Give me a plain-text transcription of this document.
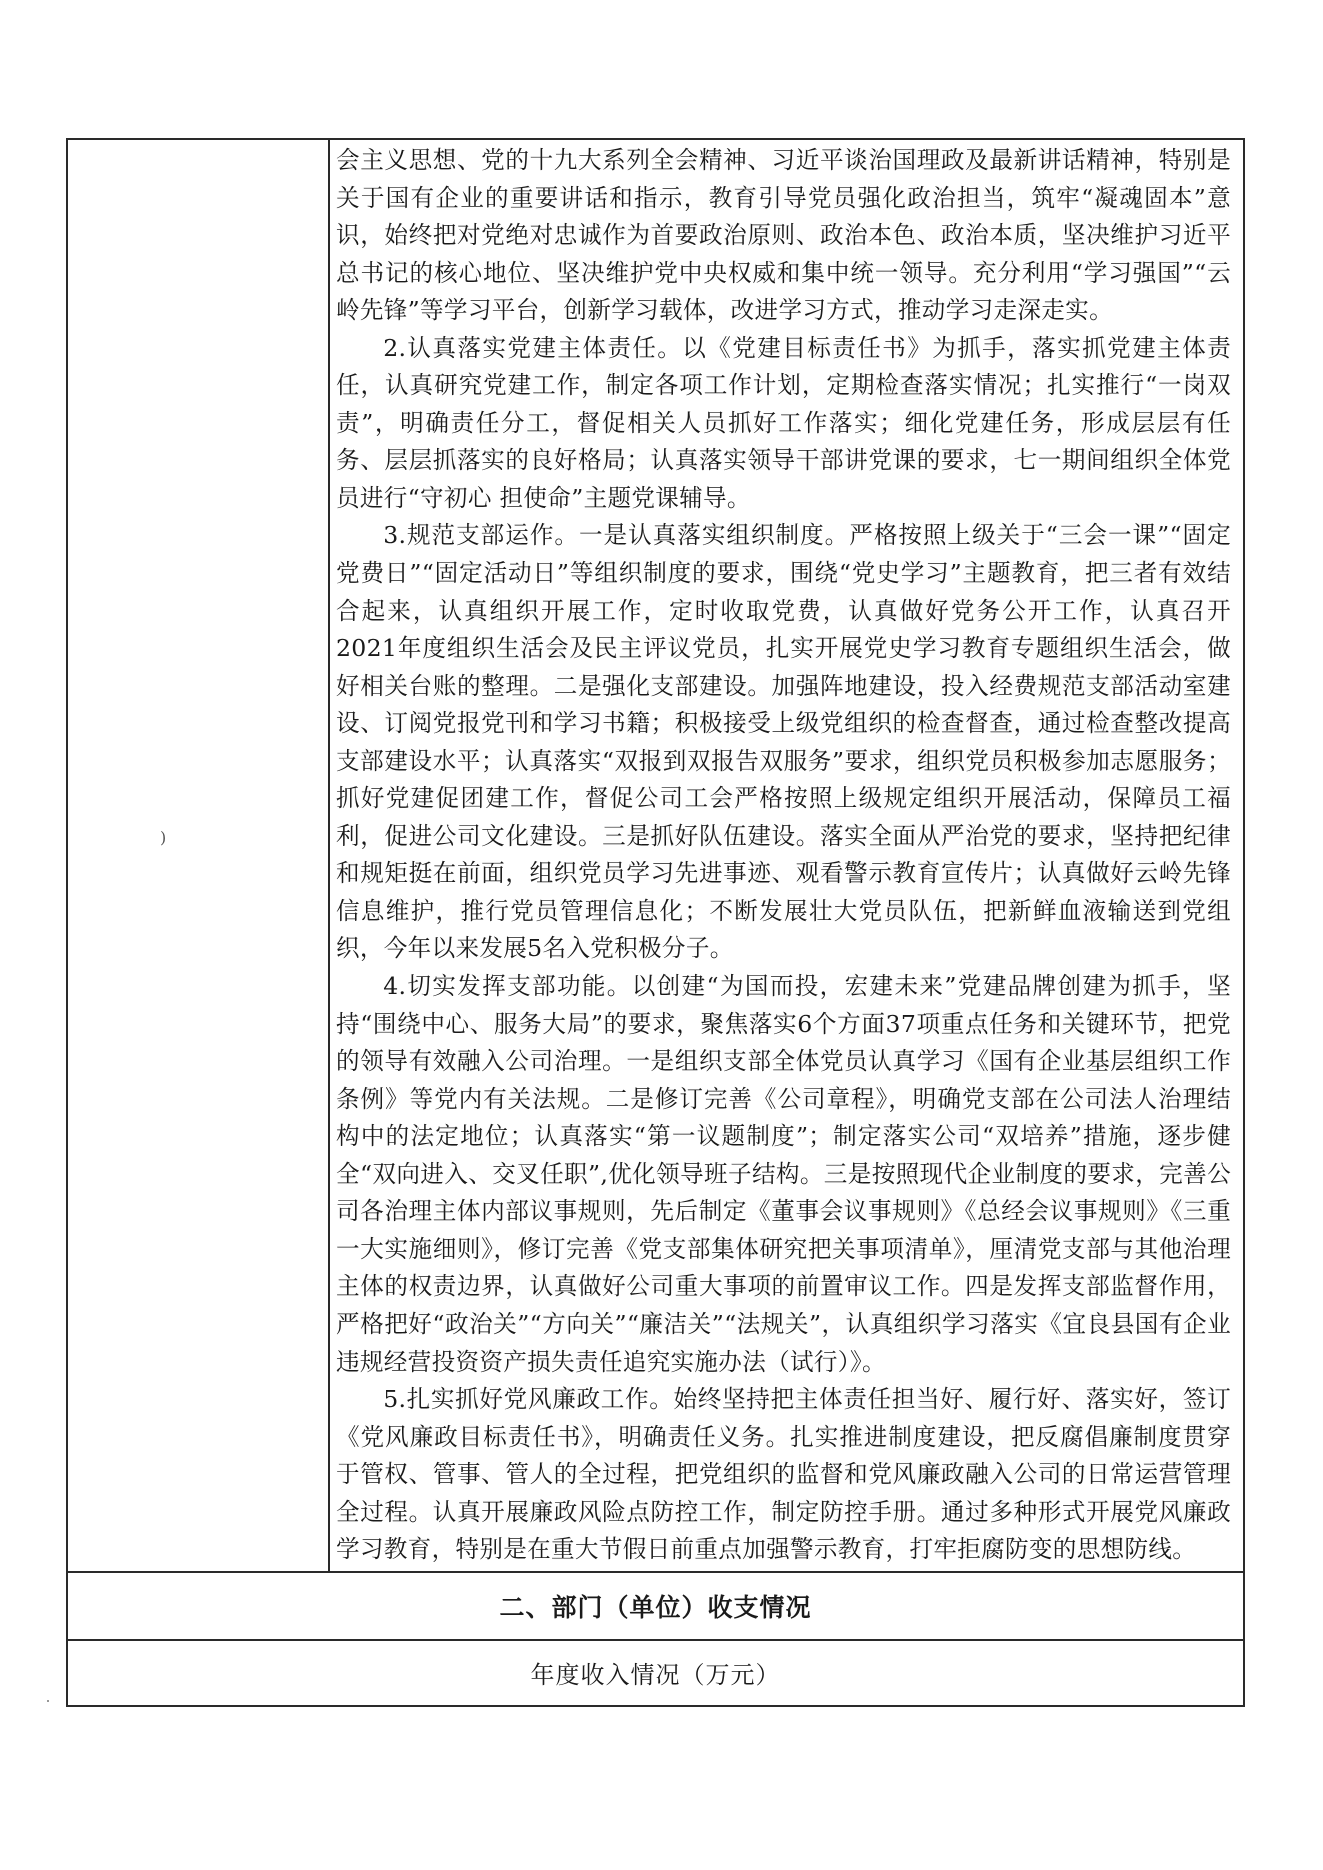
)

会主义思想、党的十九大系列全会精神、习近平谈治国理政及最新讲话精神，特别是关于国有企业的重要讲话和指示，教育引导党员强化政治担当，筑牢“凝魂固本”意识，始终把对党绝对忠诚作为首要政治原则、政治本色、政治本质，坚决维护习近平总书记的核心地位、坚决维护党中央权威和集中统一领导。充分利用“学习强国”“云岭先锋”等学习平台，创新学习载体，改进学习方式，推动学习走深走实。

2.认真落实党建主体责任。以《党建目标责任书》为抓手，落实抓党建主体责任，认真研究党建工作，制定各项工作计划，定期检查落实情况；扎实推行“一岗双责”，明确责任分工，督促相关人员抓好工作落实；细化党建任务，形成层层有任务、层层抓落实的良好格局；认真落实领导干部讲党课的要求，七一期间组织全体党员进行“守初心 担使命”主题党课辅导。

3.规范支部运作。一是认真落实组织制度。严格按照上级关于“三会一课”“固定党费日”“固定活动日”等组织制度的要求，围绕“党史学习”主题教育，把三者有效结合起来，认真组织开展工作，定时收取党费，认真做好党务公开工作，认真召开2021年度组织生活会及民主评议党员，扎实开展党史学习教育专题组织生活会，做好相关台账的整理。二是强化支部建设。加强阵地建设，投入经费规范支部活动室建设、订阅党报党刊和学习书籍；积极接受上级党组织的检查督查，通过检查整改提高支部建设水平；认真落实“双报到双报告双服务”要求，组织党员积极参加志愿服务；抓好党建促团建工作，督促公司工会严格按照上级规定组织开展活动，保障员工福利，促进公司文化建设。三是抓好队伍建设。落实全面从严治党的要求，坚持把纪律和规矩挺在前面，组织党员学习先进事迹、观看警示教育宣传片；认真做好云岭先锋信息维护，推行党员管理信息化；不断发展壮大党员队伍，把新鲜血液输送到党组织，今年以来发展5名入党积极分子。

4.切实发挥支部功能。以创建“为国而投，宏建未来”党建品牌创建为抓手，坚持“围绕中心、服务大局”的要求，聚焦落实6个方面37项重点任务和关键环节，把党的领导有效融入公司治理。一是组织支部全体党员认真学习《国有企业基层组织工作条例》等党内有关法规。二是修订完善《公司章程》，明确党支部在公司法人治理结构中的法定地位；认真落实“第一议题制度”；制定落实公司“双培养”措施，逐步健全“双向进入、交叉任职”,优化领导班子结构。三是按照现代企业制度的要求，完善公司各治理主体内部议事规则，先后制定《董事会议事规则》《总经会议事规则》《三重一大实施细则》，修订完善《党支部集体研究把关事项清单》，厘清党支部与其他治理主体的权责边界，认真做好公司重大事项的前置审议工作。四是发挥支部监督作用，严格把好“政治关”“方向关”“廉洁关”“法规关”，认真组织学习落实《宜良县国有企业违规经营投资资产损失责任追究实施办法（试行）》。

5.扎实抓好党风廉政工作。始终坚持把主体责任担当好、履行好、落实好，签订《党风廉政目标责任书》，明确责任义务。扎实推进制度建设，把反腐倡廉制度贯穿于管权、管事、管人的全过程，把党组织的监督和党风廉政融入公司的日常运营管理全过程。认真开展廉政风险点防控工作，制定防控手册。通过多种形式开展党风廉政学习教育，特别是在重大节假日前重点加强警示教育，打牢拒腐防变的思想防线。

二、部门（单位）收支情况
年度收入情况（万元）
